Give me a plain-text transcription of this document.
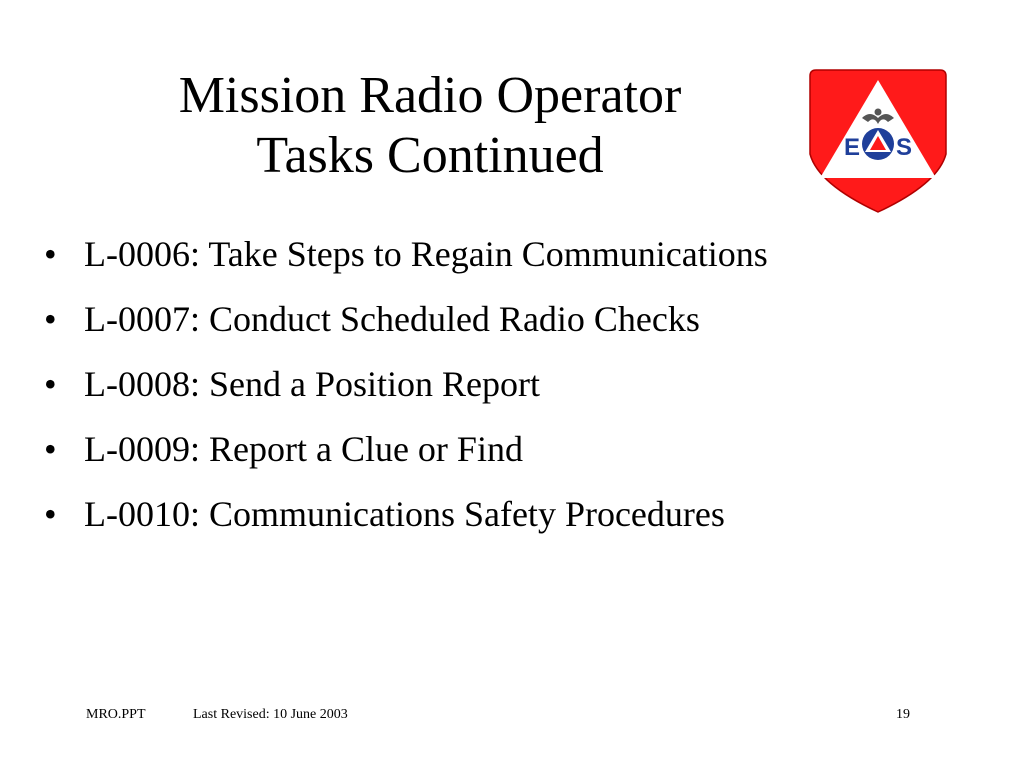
Mission Radio Operator
Tasks Continued	E S
• L-0006: Take Steps to Regain Communications
• L-0007: Conduct Scheduled Radio Checks
• L-0008: Send a Position Report
• L-0009: Report a Clue or Find
• L-0010: Communications Safety Procedures
MRO.PPT	Last Revised: 10 June 2003	19
